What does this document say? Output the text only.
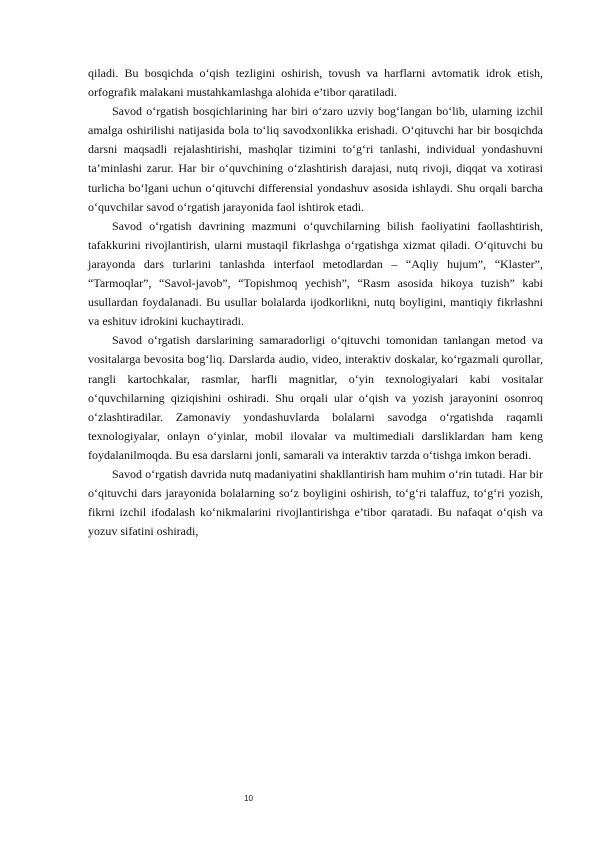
qiladi. Bu bosqichda o‘qish tezligini oshirish, tovush va harflarni avtomatik idrok etish, orfografik malakani mustahkamlashga alohida e’tibor qaratiladi.

Savod o‘rgatish bosqichlarining har biri o‘zaro uzviy bog‘langan bo‘lib, ularning izchil amalga oshirilishi natijasida bola to‘liq savodxonlikka erishadi. O‘qituvchi har bir bosqichda darsni maqsadli rejalashtirishi, mashqlar tizimini to‘g‘ri tanlashi, individual yondashuvni ta’minlashi zarur. Har bir o‘quvchining o‘zlashtirish darajasi, nutq rivoji, diqqat va xotirasi turlicha bo‘lgani uchun o‘qituvchi differensial yondashuv asosida ishlaydi. Shu orqali barcha o‘quvchilar savod o‘rgatish jarayonida faol ishtirok etadi.

Savod o‘rgatish davrining mazmuni o‘quvchilarning bilish faoliyatini faollashtirish, tafakkurini rivojlantirish, ularni mustaqil fikrlashga o‘rgatishga xizmat qiladi. O‘qituvchi bu jarayonda dars turlarini tanlashda interfaol metodlardan – “Aqliy hujum”, “Klaster”, “Tarmoqlar”, “Savol-javob”, “Topishmoq yechish”, “Rasm asosida hikoya tuzish” kabi usullardan foydalanadi. Bu usullar bolalarda ijodkorlikni, nutq boyligini, mantiqiy fikrlashni va eshituv idrokini kuchaytiradi.

Savod o‘rgatish darslarining samaradorligi o‘qituvchi tomonidan tanlangan metod va vositalarga bevosita bog‘liq. Darslarda audio, video, interaktiv doskalar, ko‘rgazmali qurollar, rangli kartochkalar, rasmlar, harfli magnitlar, o‘yin texnologiyalari kabi vositalar o‘quvchilarning qiziqishini oshiradi. Shu orqali ular o‘qish va yozish jarayonini osonroq o‘zlashtiradilar. Zamonaviy yondashuvlarda bolalarni savodga o‘rgatishda raqamli texnologiyalar, onlayn o‘yinlar, mobil ilovalar va multimediali darsliklardan ham keng foydalanilmoqda. Bu esa darslarni jonli, samarali va interaktiv tarzda o‘tishga imkon beradi.

Savod o‘rgatish davrida nutq madaniyatini shakllantirish ham muhim o‘rin tutadi. Har bir o‘qituvchi dars jarayonida bolalarning so‘z boyligini oshirish, to‘g‘ri talaffuz, to‘g‘ri yozish, fikrni izchil ifodalash ko‘nikmalarini rivojlantirishga e’tibor qaratadi. Bu nafaqat o‘qish va yozuv sifatini oshiradi,

10
